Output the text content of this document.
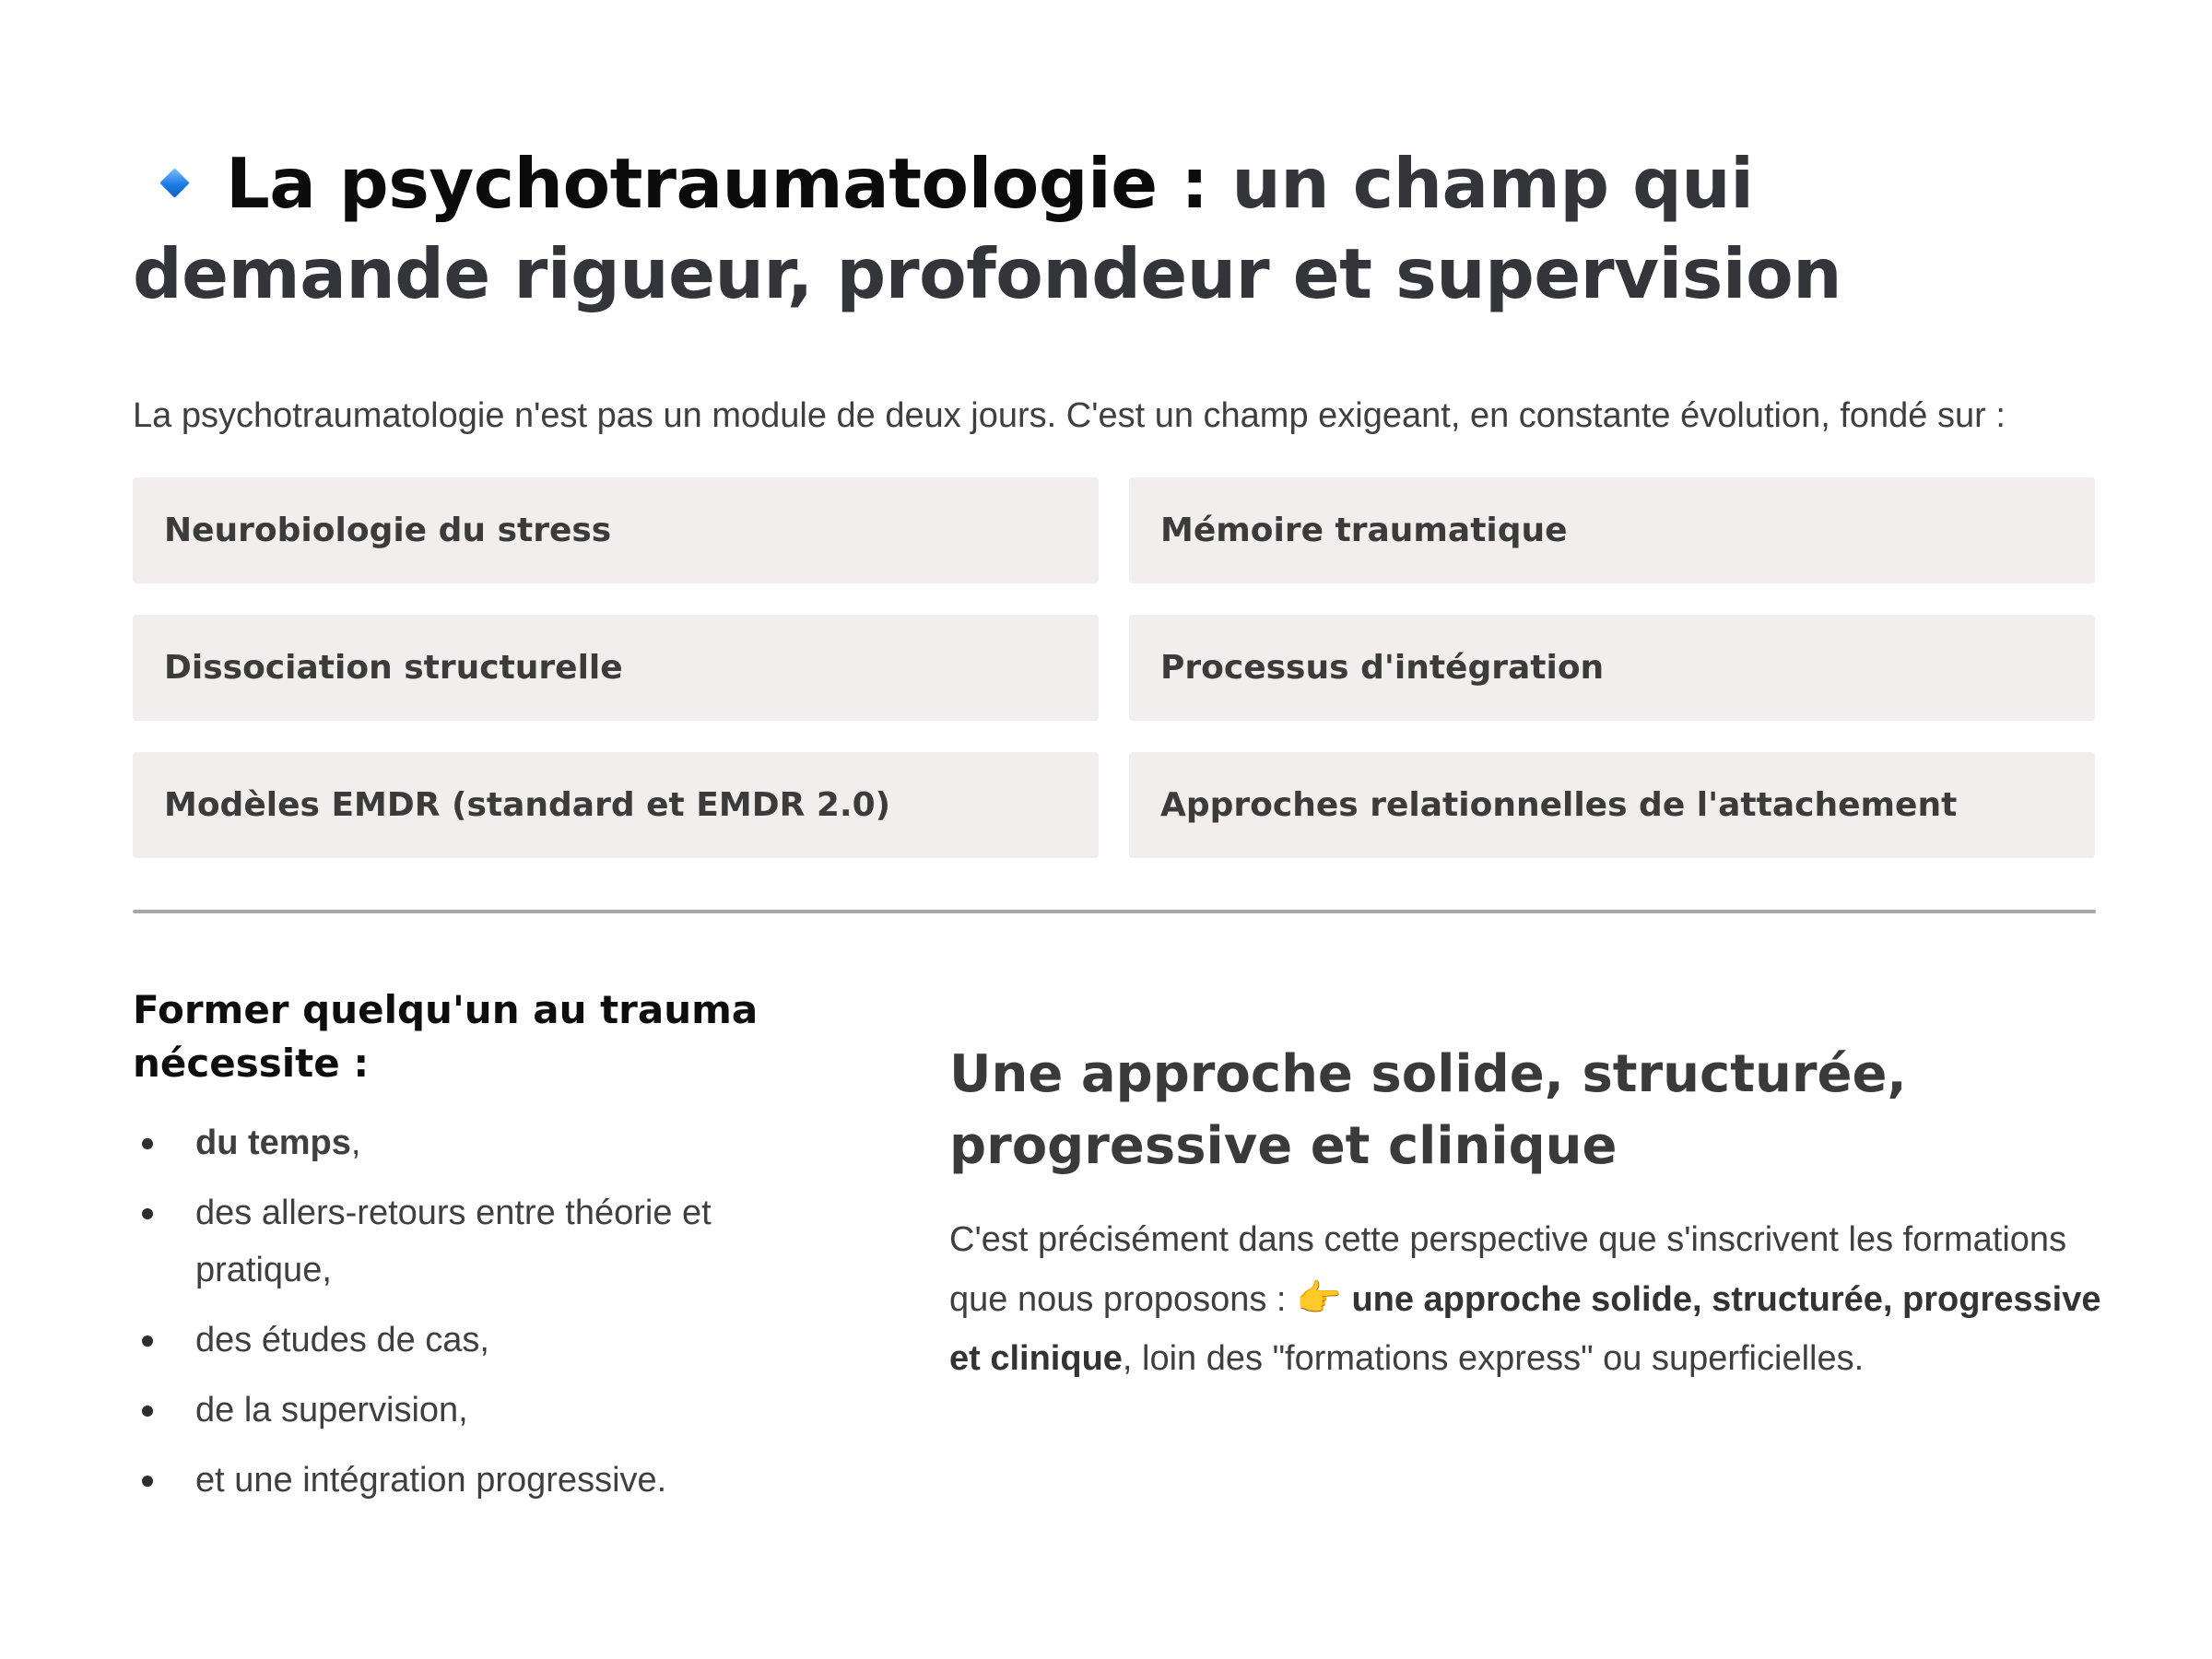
La psychotraumatologie : un champ qui demande rigueur, profondeur et supervision

La psychotraumatologie n'est pas un module de deux jours. C'est un champ exigeant, en constante évolution, fondé sur :

Neurobiologie du stress	Mémoire traumatique
Dissociation structurelle	Processus d'intégration
Modèles EMDR (standard et EMDR 2.0)	Approches relationnelles de l'attachement
Former quelqu'un au trauma nécessite :
du temps,
des allers-retours entre théorie et pratique,
des études de cas,
de la supervision,
et une intégration progressive.
Une approche solide, structurée, progressive et clinique

C'est précisément dans cette perspective que s'inscrivent les formations que nous proposons : 👉 une approche solide, structurée, progressive et clinique, loin des "formations express" ou superficielles.
